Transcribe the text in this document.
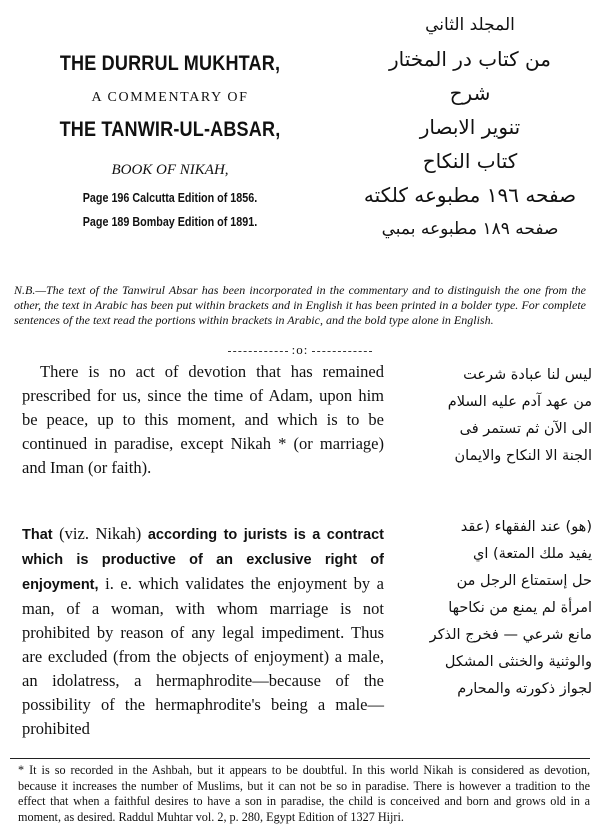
THE DURRUL MUKHTAR,

A COMMENTARY OF

THE TANWIR-UL-ABSAR,

BOOK OF NIKAH,

Page 196 Calcutta Edition of 1856.

Page 189 Bombay Edition of 1891.

المجلد الثاني

من كتاب در المختار

شرح

تنوير الابصار

كتاب النكاح

صفحه ١٩٦ مطبوعه كلكته

صفحه ١٨٩ مطبوعه بمبي

N.B.—The text of the Tanwirul Absar has been incorporated in the commentary and to distinguish the one from the other, the text in Arabic has been put within brackets and in English it has been printed in a bolder type. For complete sentences of the text read the portions within brackets in Arabic, and the bold type alone in English.

:o:

There is no act of devotion that has remained prescribed for us, since the time of Adam, upon him be peace, up to this moment, and which is to be continued in paradise, except Nikah * (or marriage) and Iman (or faith).

That (viz. Nikah) according to jurists is a contract which is productive of an exclusive right of enjoyment, i. e. which validates the enjoyment by a man, of a woman, with whom marriage is not prohibited by reason of any legal impediment. Thus are excluded (from the objects of enjoyment) a male, an idolatress, a hermaphrodite—because of the possibility of the hermaphrodite's being a male—prohibited

ليس لنا عبادة شرعت

من عهد آدم عليه السلام

الى الآن ثم تستمر فى

الجنة الا النكاح والايمان

(هو) عند الفقهاء (عقد

يفيد ملك المتعة) اي

حل إستمتاع الرجل من

امرأة لم يمنع من نكاحها

مانع شرعي — فخرج الذكر

والوثنية والخنثى المشكل

لجواز ذكورته والمحارم

* It is so recorded in the Ashbah, but it appears to be doubtful. In this world Nikah is considered as devotion, because it increases the number of Muslims, but it can not be so in paradise. There is however a tradition to the effect that when a faithful desires to have a son in paradise, the child is conceived and born and grows old in a moment, as desired. Raddul Muhtar vol. 2, p. 280, Egypt Edition of 1327 Hijri.
